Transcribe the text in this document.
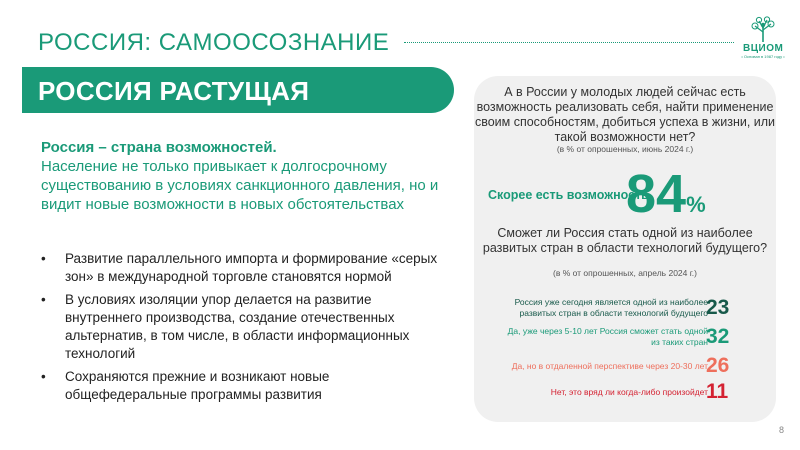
РОССИЯ: САМООСОЗНАНИЕ	ВЦИОМ
• Основан в 1987 году •
РОССИЯ РАСТУЩАЯ
Россия – страна возможностей.
Население не только привыкает к долгосрочному существованию в условиях санкционного давления, но и видит новые возможности в новых обстоятельствах
• Развитие параллельного импорта и формирование «серых зон» в международной торговле становятся нормой
• В условиях изоляции упор делается на развитие внутреннего производства, создание отечественных альтернатив, в том числе, в области информационных технологий
• Сохраняются прежние и возникают новые общефедеральные программы развития
А в России у молодых людей сейчас есть возможность реализовать себя, найти применение своим способностям, добиться успеха в жизни, или такой возможности нет?
(в % от опрошенных, июнь 2024 г.)
Скорее есть возможность
84%
Сможет ли Россия стать одной из наиболее развитых стран в области технологий будущего?
(в % от опрошенных, апрель 2024 г.)
Россия уже сегодня является одной из наиболее развитых стран в области технологий будущего
23
Да, уже через 5-10 лет Россия сможет стать одной из таких стран
32
Да, но в отдаленной перспективе через 20-30 лет
26
Нет, это вряд ли когда-либо произойдет
11
8
